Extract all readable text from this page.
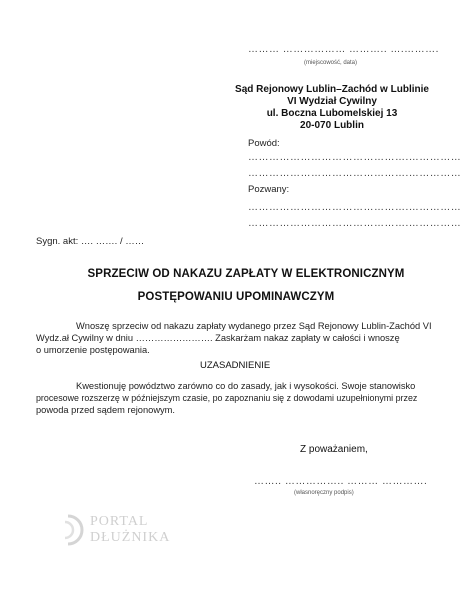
……… ……………… ……….. ….……….
(miejscowość, data)
Sąd Rejonowy Lublin–Zachód w Lublinie
VI Wydział Cywilny
ul. Boczna Lubomelskiej 13
20-070 Lublin
Powód:
……………………………………….……………
……………………………………….……………
Pozwany:
……………………………………….……………
……………………………………….……………
Sygn. akt: …. ……. / ……
SPRZECIW OD NAKAZU ZAPŁATY W ELEKTRONICZNYM
POSTĘPOWANIU UPOMINAWCZYM
Wnoszę sprzeciw od nakazu zapłaty wydanego przez Sąd Rejonowy Lublin-Zachód VI
Wydz.ał Cywilny w dniu ……………………. Zaskarżam nakaz zapłaty w całości i wnoszę
o umorzenie postępowania.
UZASADNIENIE
Kwestionuję powództwo zarówno co do zasady, jak i wysokości. Swoje stanowisko
procesowe rozszerzę w późniejszym czasie, po zapoznaniu się z dowodami uzupełnionymi przez
powoda przed sądem rejonowym.
Z poważaniem,
…….. …………….. ……… ………….
(własnoręczny podpis)
PORTAL
DŁUŻNIKA
